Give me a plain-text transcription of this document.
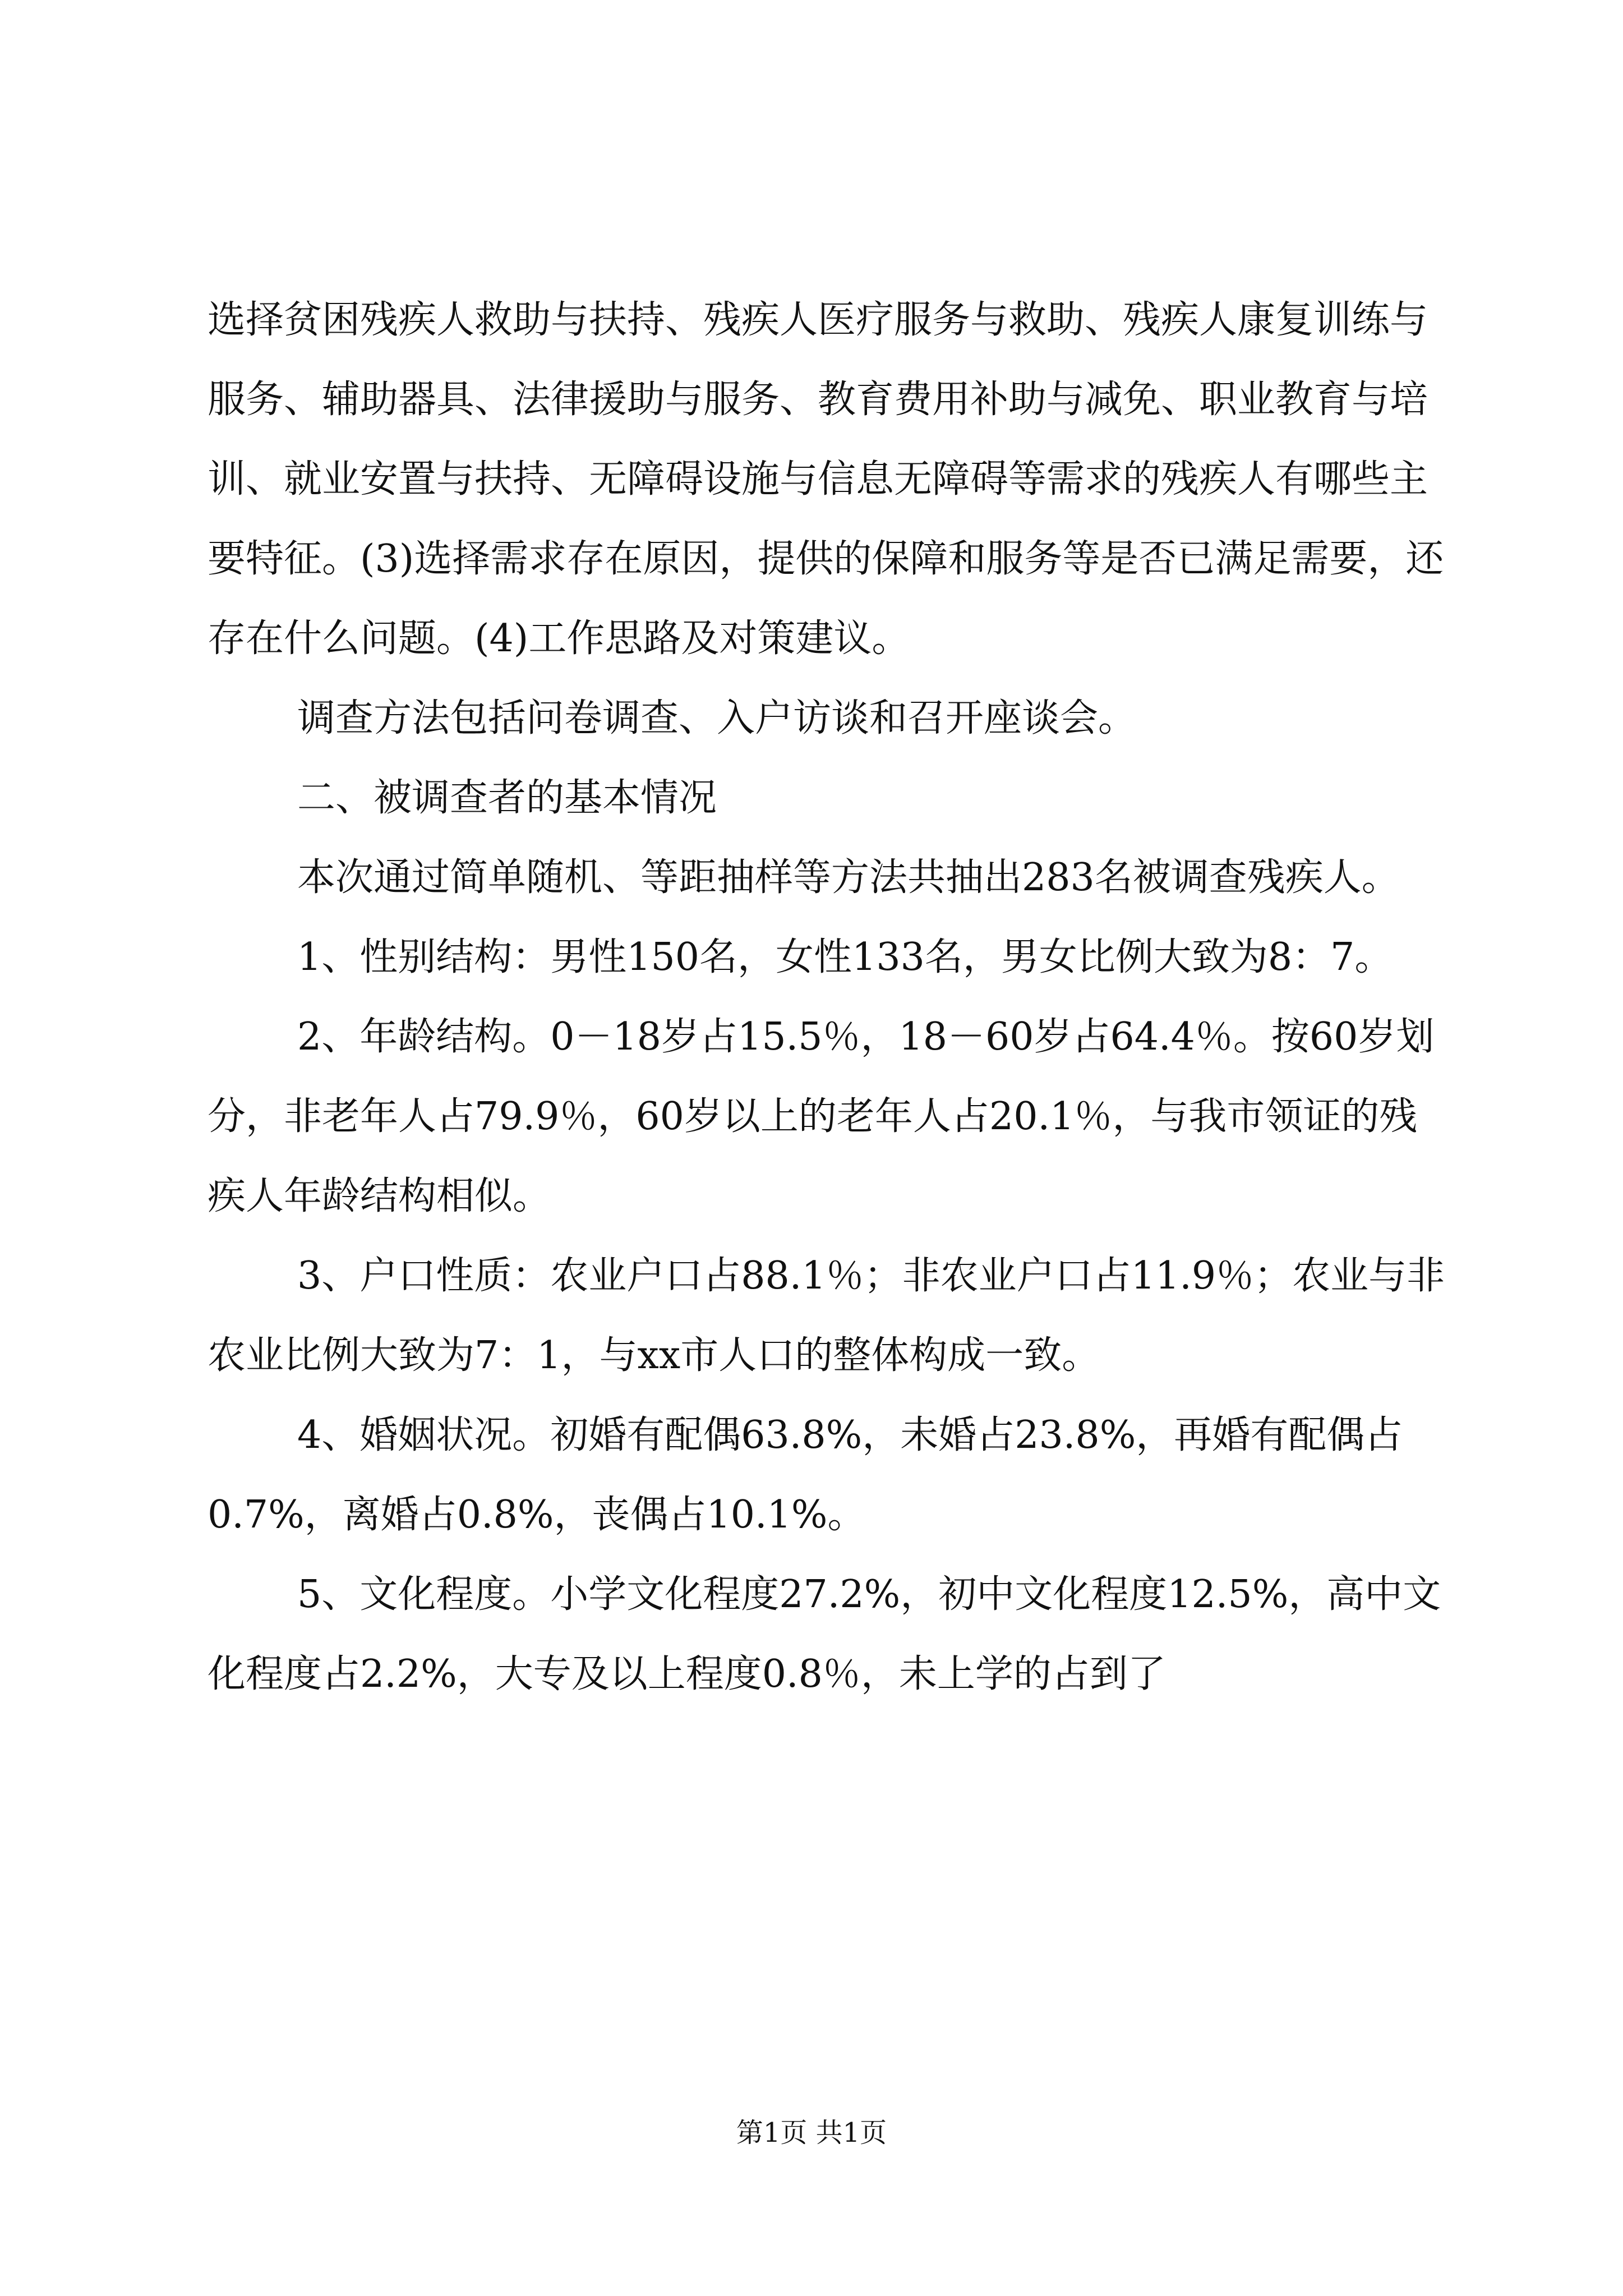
选择贫困残疾人救助与扶持、残疾人医疗服务与救助、残疾人康复训练与服务、辅助器具、法律援助与服务、教育费用补助与减免、职业教育与培训、就业安置与扶持、无障碍设施与信息无障碍等需求的残疾人有哪些主要特征。(3)选择需求存在原因，提供的保障和服务等是否已满足需要，还存在什么问题。(4)工作思路及对策建议。

调查方法包括问卷调查、入户访谈和召开座谈会。

二、被调查者的基本情况

本次通过简单随机、等距抽样等方法共抽出283名被调查残疾人。

1、性别结构：男性150名，女性133名，男女比例大致为8：7。

2、年龄结构。0－18岁占15.5％，18－60岁占64.4％。按60岁划分，非老年人占79.9％，60岁以上的老年人占20.1％，与我市领证的残疾人年龄结构相似。

3、户口性质：农业户口占88.1％；非农业户口占11.9％；农业与非农业比例大致为7：1，与xx市人口的整体构成一致。

4、婚姻状况。初婚有配偶63.8%，未婚占23.8%，再婚有配偶占0.7%，离婚占0.8%，丧偶占10.1%。

5、文化程度。小学文化程度27.2%，初中文化程度12.5%，高中文化程度占2.2%，大专及以上程度0.8％，未上学的占到了

第1页 共1页
